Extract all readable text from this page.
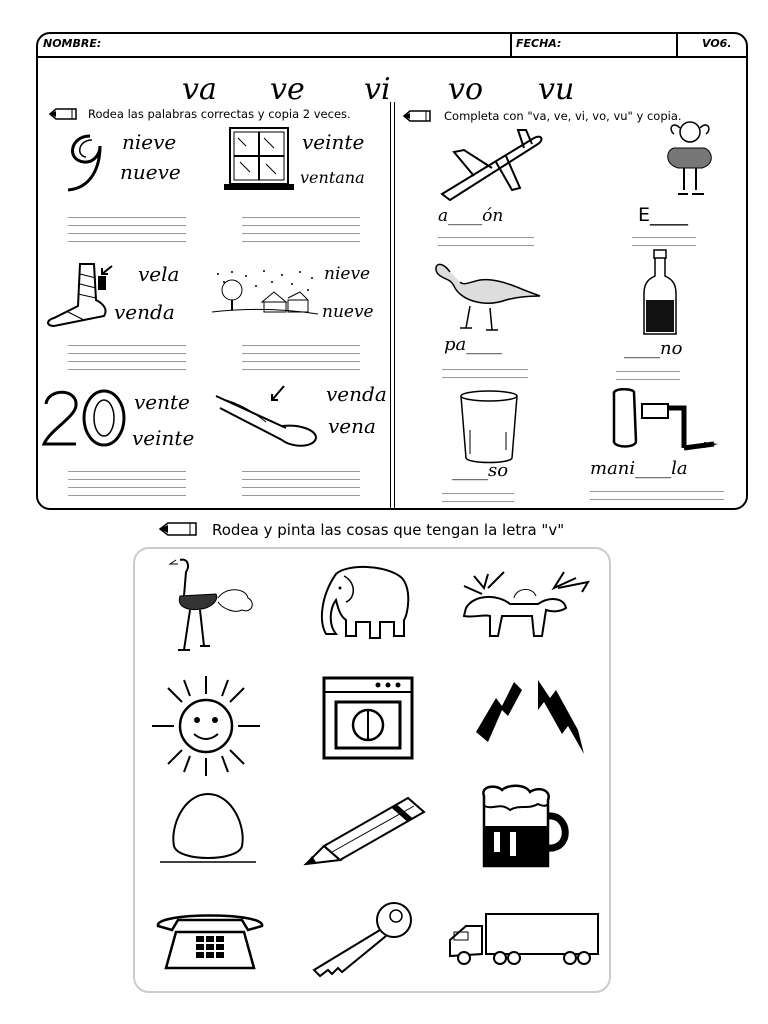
NOMBRE:	FECHA:	VO6.
va ve vi vo vu
Rodea las palabras correctas y copia 2 veces.
nieve
nueve
veinte
ventana
vela
venda
nieve
nueve
vente
veinte
venda
vena
Completa con "va, ve, vi, vo, vu" y copia.
a____ón	E____
pa____	____no
____so	mani____la
Rodea y pinta las cosas que tengan la letra "v"
